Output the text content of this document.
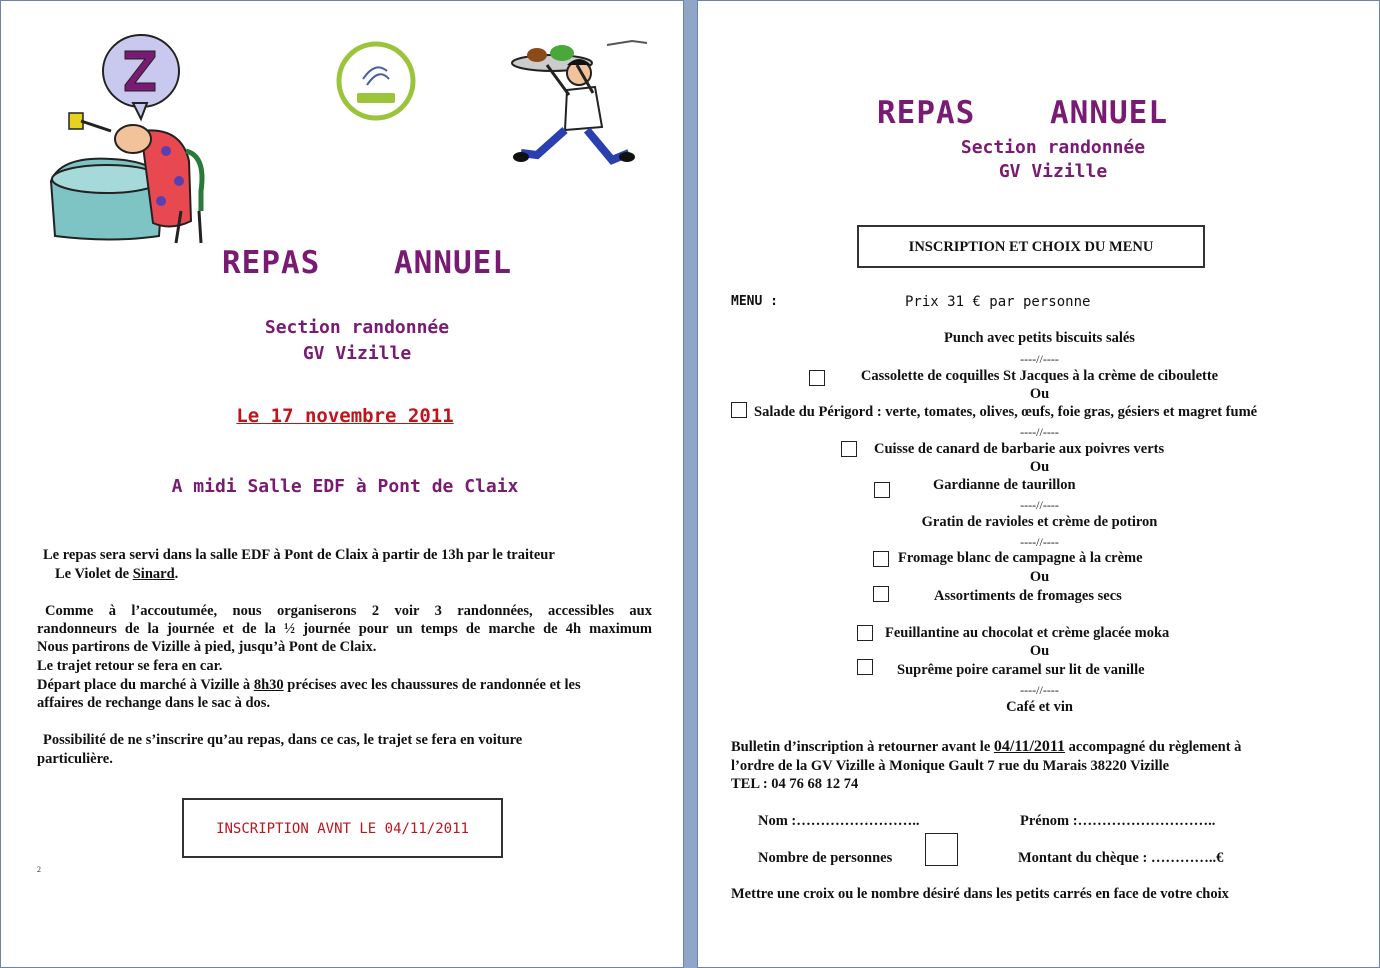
REPAS ANNUEL
Section randonnée
GV Vizille
Le 17 novembre 2011
A midi Salle EDF à Pont de Claix
Le repas sera servi dans la salle EDF à Pont de Claix à partir de 13h par le traiteur
Le Violet de Sinard.
Comme à l’accoutumée, nous organiserons 2 voir 3 randonnées, accessibles aux
randonneurs de la journée et de la ½ journée pour un temps de marche de 4h maximum
Nous partirons de Vizille à pied, jusqu’à Pont de Claix.
Le trajet retour se fera en car.
Départ place du marché à Vizille à 8h30 précises avec les chaussures de randonnée et les
affaires de rechange dans le sac à dos.
Possibilité de ne s’inscrire qu’au repas, dans ce cas, le trajet se fera en voiture
particulière.
INSCRIPTION AVNT LE 04/11/2011
2
REPAS ANNUEL
Section randonnée
GV Vizille
INSCRIPTION ET CHOIX DU MENU
MENU :	Prix 31 € par personne
Punch avec petits biscuits salés
----//----
Cassolette de coquilles St Jacques à la crème de ciboulette
Ou
Salade du Périgord : verte, tomates, olives, œufs, foie gras, gésiers et magret fumé
----//----
Cuisse de canard de barbarie aux poivres verts
Ou
Gardianne de taurillon
----//----
Gratin de ravioles et crème de potiron
----//----
Fromage blanc de campagne à la crème
Ou
Assortiments de fromages secs
Feuillantine au chocolat et crème glacée moka
Ou
Suprême poire caramel sur lit de vanille
----//----
Café et vin
Bulletin d’inscription à retourner avant le 04/11/2011 accompagné du règlement à
l’ordre de la GV Vizille à Monique Gault 7 rue du Marais 38220 Vizille
TEL : 04 76 68 12 74
Nom :……………………..	Prénom :………………………..
Nombre de personnes	Montant du chèque : …………..€
Mettre une croix ou le nombre désiré dans les petits carrés en face de votre choix
